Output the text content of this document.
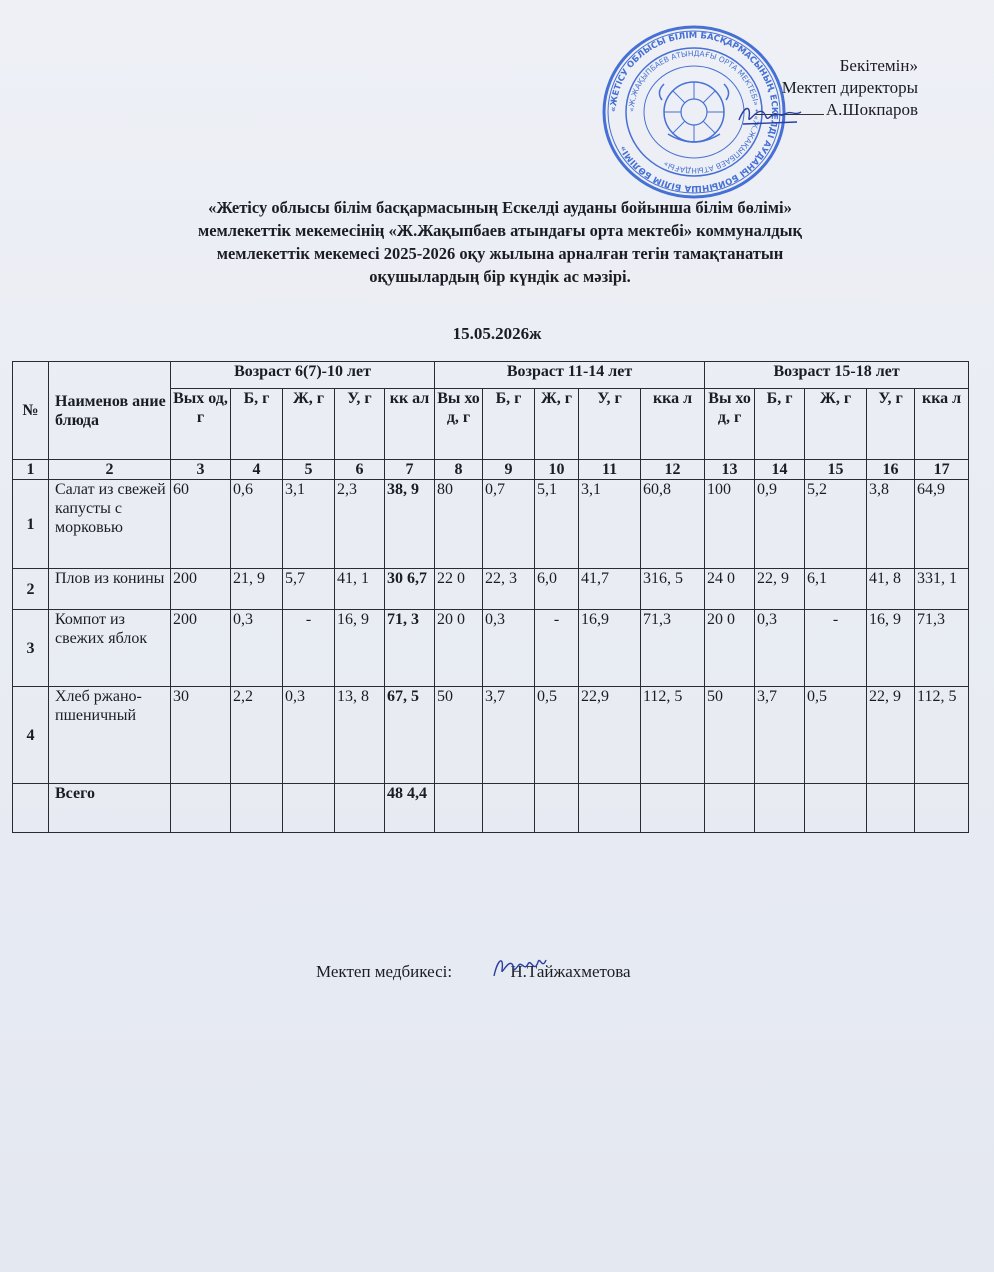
«ЖЕТІСУ ОБЛЫСЫ БІЛІМ БАСҚАРМАСЫНЫҢ ЕСКЕЛДІ АУДАНЫ БОЙЫНША БІЛІМ БӨЛІМІ»
«Ж.ЖАҚЫПБАЕВ АТЫНДАҒЫ ОРТА МЕКТЕБІ» • «Ж.ЖАҚЫПБАЕВ АТЫНДАҒЫ»
Бекітемін»
Мектеп директоры
А.Шокпаров
«Жетісу облысы білім басқармасының Ескелді ауданы бойынша білім бөлімі»
мемлекеттік мекемесінің «Ж.Жақыпбаев атындағы орта мектебі» коммуналдық
мемлекеттік мекемесі 2025-2026 оқу жылына арналған тегін тамақтанатын
оқушылардың бір күндік ас мәзірі.
15.05.2026ж
№	Наименов ание блюда	Возраст 6(7)-10 лет					Возраст 11-14 лет					Возраст 15-18 лет				
		Вых од, г	Б, г	Ж, г	У, г	кк ал	Вы хо д, г	Б, г	Ж, г	У, г	кка л	Вы хо д, г	Б, г	Ж, г	У, г	кка л
1	2	3	4	5	6	7	8	9	10	11	12	13	14	15	16	17
1	Салат из свежей капусты с морковью	60	0,6	3,1	2,3	38, 9	80	0,7	5,1	3,1	60,8	100	0,9	5,2	3,8	64,9
2	Плов из конины	200	21, 9	5,7	41, 1	30 6,7	22 0	22, 3	6,0	41,7	316, 5	24 0	22, 9	6,1	41, 8	331, 1
3	Компот из свежих яблок	200	0,3	-	16, 9	71, 3	20 0	0,3	-	16,9	71,3	20 0	0,3	-	16, 9	71,3
4	Хлеб ржано-пшеничный	30	2,2	0,3	13, 8	67, 5	50	3,7	0,5	22,9	112, 5	50	3,7	0,5	22, 9	112, 5
	Всего					48 4,4										
Мектеп медбикесі:	Н.Тайжахметова
